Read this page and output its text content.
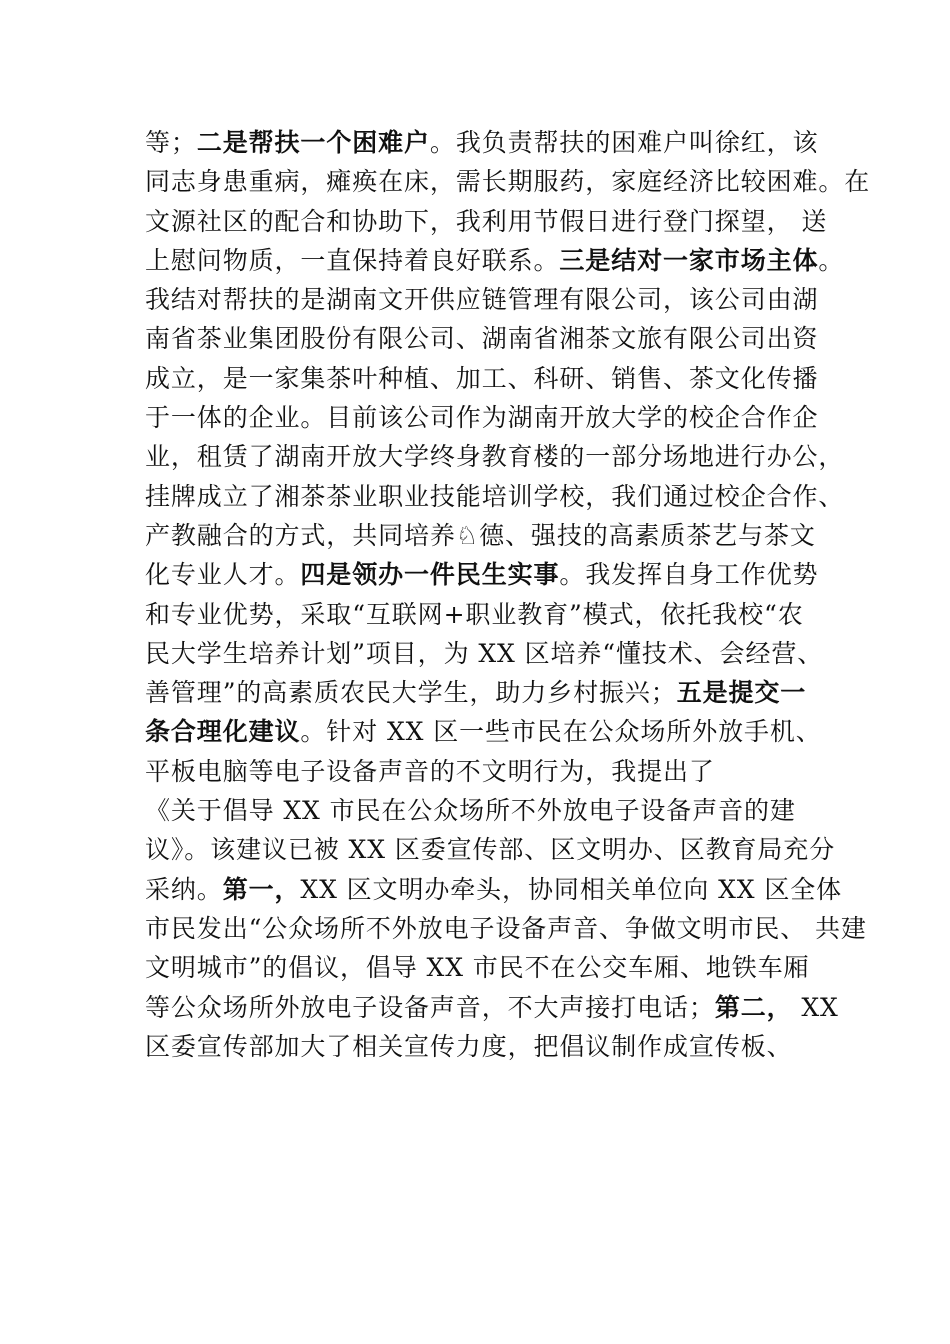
等；二是帮扶一个困难户。我负责帮扶的困难户叫徐红，该
同志身患重病，瘫痪在床，需长期服药，家庭经济比较困难。在
文源社区的配合和协助下，我利用节假日进行登门探望， 送
上慰问物质，一直保持着良好联系。三是结对一家市场主体。
我结对帮扶的是湖南文开供应链管理有限公司，该公司由湖
南省茶业集团股份有限公司、湖南省湘茶文旅有限公司出资
成立，是一家集茶叶种植、加工、科研、销售、茶文化传播
于一体的企业。目前该公司作为湖南开放大学的校企合作企
业，租赁了湖南开放大学终身教育楼的一部分场地进行办公，
挂牌成立了湘茶茶业职业技能培训学校，我们通过校企合作、
产教融合的方式，共同培养♘德、强技的高素质茶艺与茶文
化专业人才。四是领办一件民生实事。我发挥自身工作优势
和专业优势，采取“互联网+职业教育”模式，依托我校“农
民大学生培养计划”项目，为 XX 区培养“懂技术、会经营、
善管理”的高素质农民大学生，助力乡村振兴；五是提交一
条合理化建议。针对 XX 区一些市民在公众场所外放手机、
平板电脑等电子设备声音的不文明行为，我提出了
《关于倡导 XX 市民在公众场所不外放电子设备声音的建
议》。该建议已被 XX 区委宣传部、区文明办、区教育局充分
采纳。第一，XX 区文明办牵头，协同相关单位向 XX 区全体
市民发出“公众场所不外放电子设备声音、争做文明市民、 共建
文明城市”的倡议，倡导 XX 市民不在公交车厢、地铁车厢
等公众场所外放电子设备声音，不大声接打电话；第二， XX
区委宣传部加大了相关宣传力度，把倡议制作成宣传板、
